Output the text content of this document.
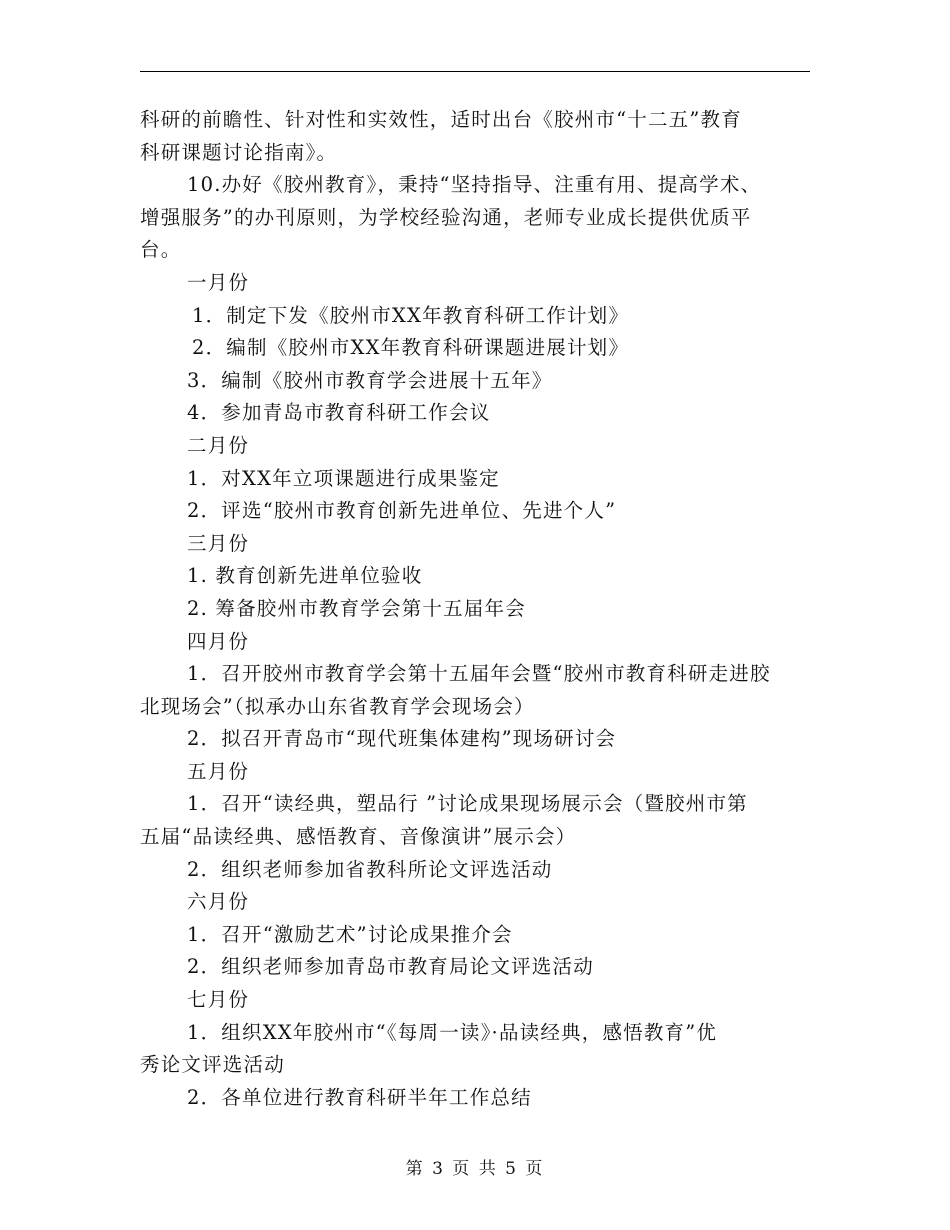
科研的前瞻性、针对性和实效性，适时出台《胶州市“十二五”教育
科研课题讨论指南》。
10.办好《胶州教育》，秉持“坚持指导、注重有用、提高学术、
增强服务”的办刊原则，为学校经验沟通，老师专业成长提供优质平
台。
一月份
1．制定下发《胶州市XX年教育科研工作计划》
2．编制《胶州市XX年教育科研课题进展计划》
3．编制《胶州市教育学会进展十五年》
4．参加青岛市教育科研工作会议
二月份
1．对XX年立项课题进行成果鉴定
2．评选“胶州市教育创新先进单位、先进个人”
三月份
1. 教育创新先进单位验收
2. 筹备胶州市教育学会第十五届年会
四月份
1．召开胶州市教育学会第十五届年会暨“胶州市教育科研走进胶
北现场会”（拟承办山东省教育学会现场会）
2．拟召开青岛市“现代班集体建构”现场研讨会
五月份
1．召开“读经典，塑品行 ”讨论成果现场展示会（暨胶州市第
五届“品读经典、感悟教育、音像演讲”展示会）
2．组织老师参加省教科所论文评选活动
六月份
1．召开“激励艺术”讨论成果推介会
2．组织老师参加青岛市教育局论文评选活动
七月份
1．组织XX年胶州市“《每周一读》·品读经典，感悟教育”优
秀论文评选活动
2．各单位进行教育科研半年工作总结
第 3 页 共 5 页
